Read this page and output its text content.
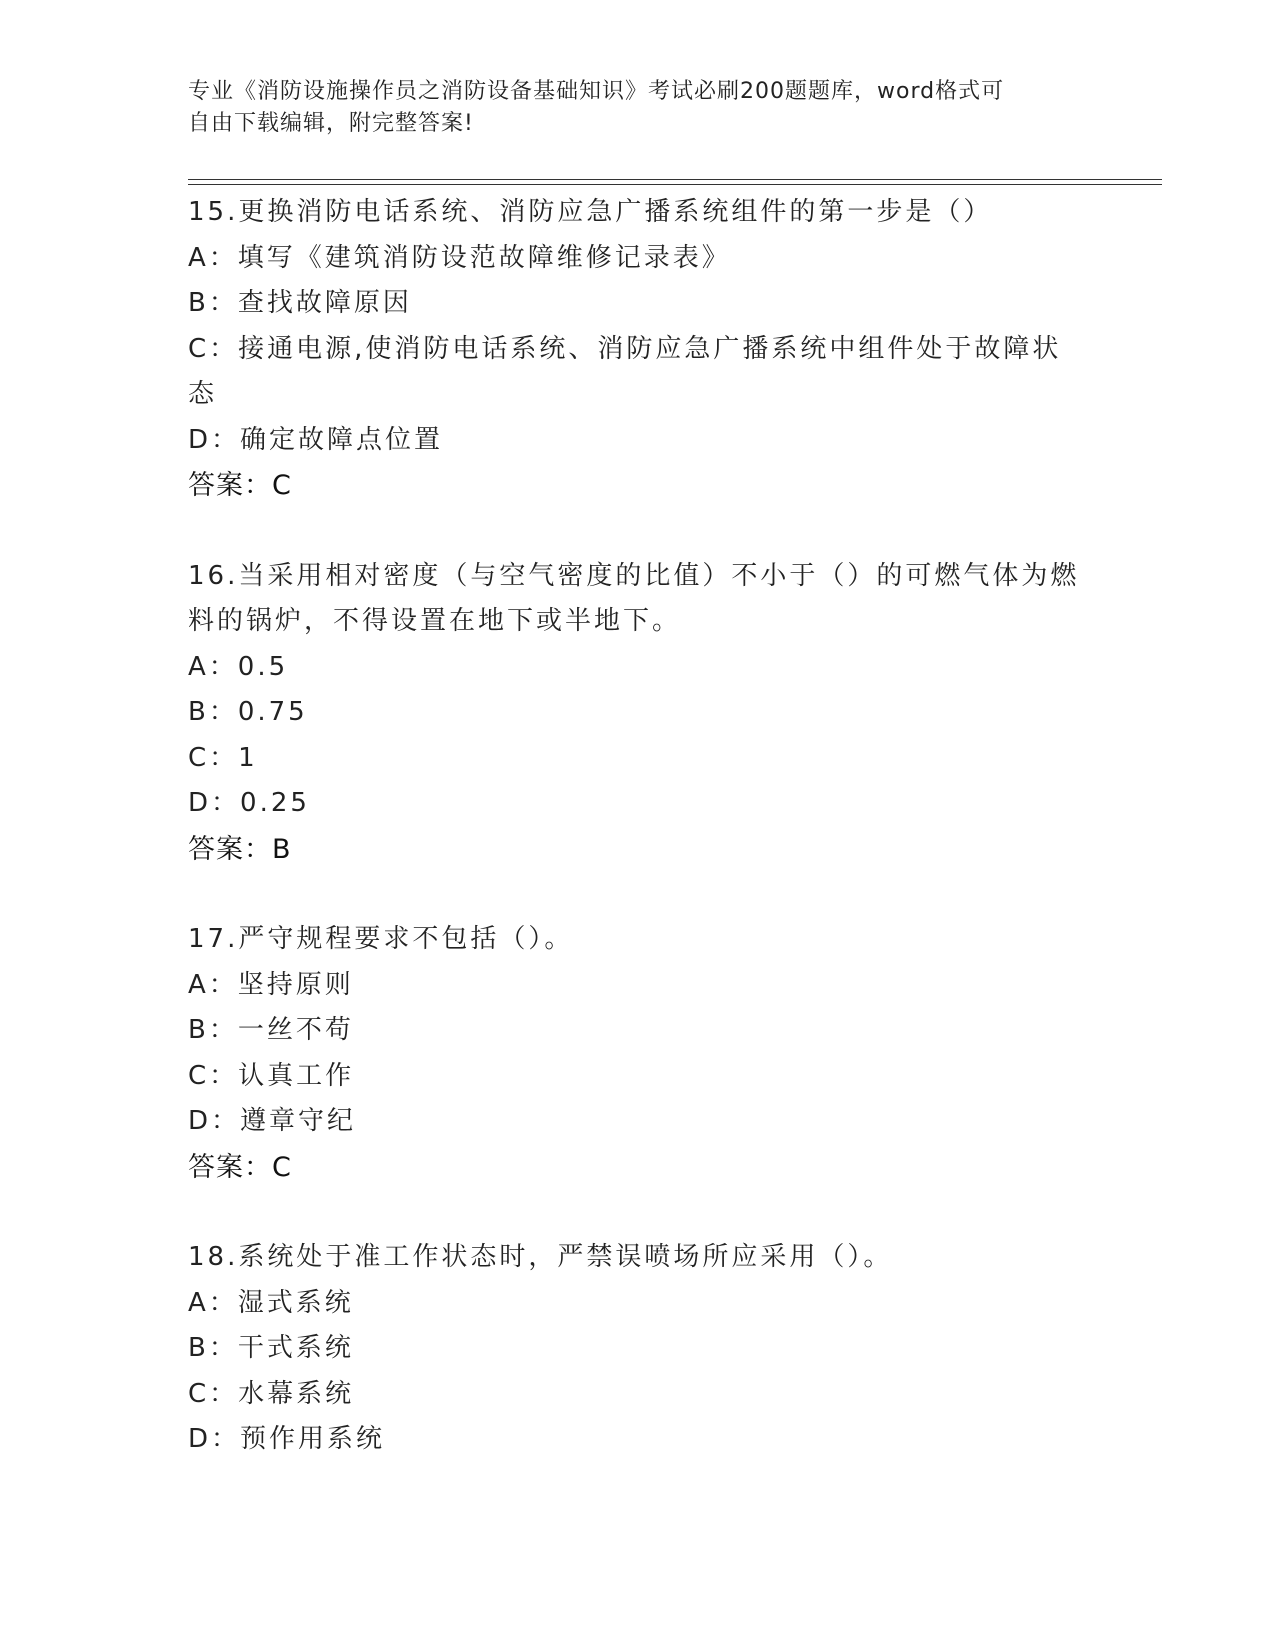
专业《消防设施操作员之消防设备基础知识》考试必刷200题题库，word格式可
自由下载编辑，附完整答案!
15.更换消防电话系统、消防应急广播系统组件的第一步是（）
A：填写《建筑消防设范故障维修记录表》
B：查找故障原因
C：接通电源,使消防电话系统、消防应急广播系统中组件处于故障状
态
D：确定故障点位置
答案：C
16.当采用相对密度（与空气密度的比值）不小于（）的可燃气体为燃
料的锅炉，不得设置在地下或半地下。
A：0.5
B：0.75
C：1
D：0.25
答案：B
17.严守规程要求不包括（）。
A：坚持原则
B：一丝不苟
C：认真工作
D：遵章守纪
答案：C
18.系统处于准工作状态时，严禁误喷场所应采用（）。
A：湿式系统
B：干式系统
C：水幕系统
D：预作用系统
